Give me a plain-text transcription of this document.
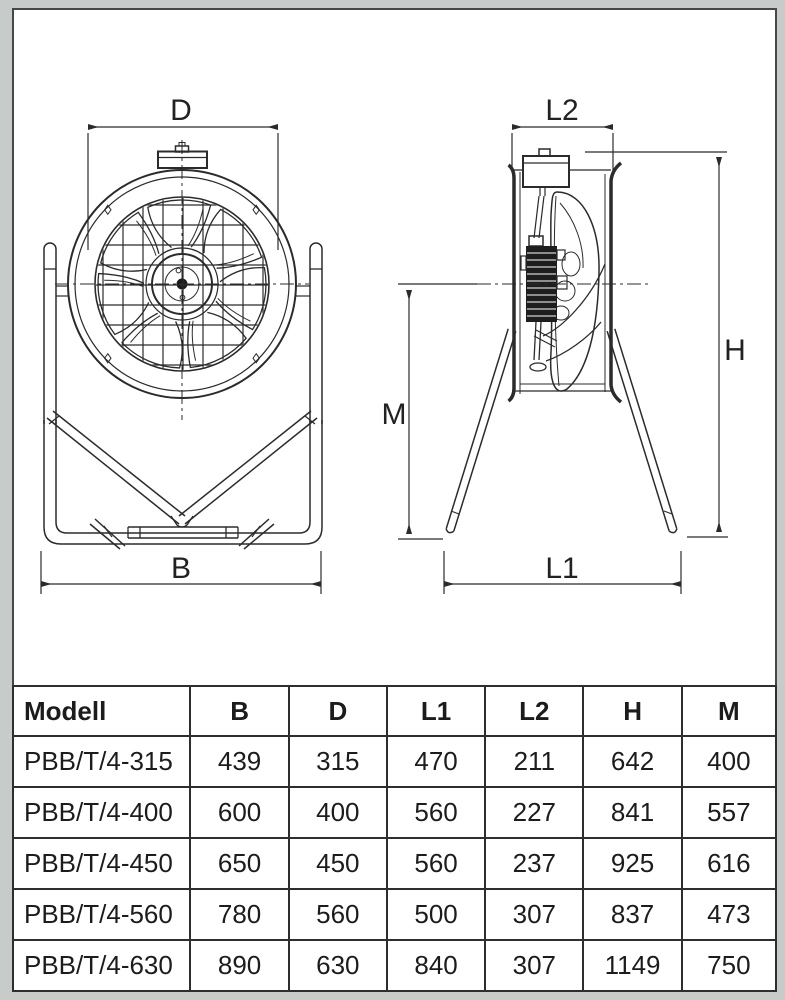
D
B
L2
H
M
L1
Modell	B	D	L1	L2	H	M
PBB/T/4-315	439	315	470	211	642	400
PBB/T/4-400	600	400	560	227	841	557
PBB/T/4-450	650	450	560	237	925	616
PBB/T/4-560	780	560	500	307	837	473
PBB/T/4-630	890	630	840	307	1149	750
